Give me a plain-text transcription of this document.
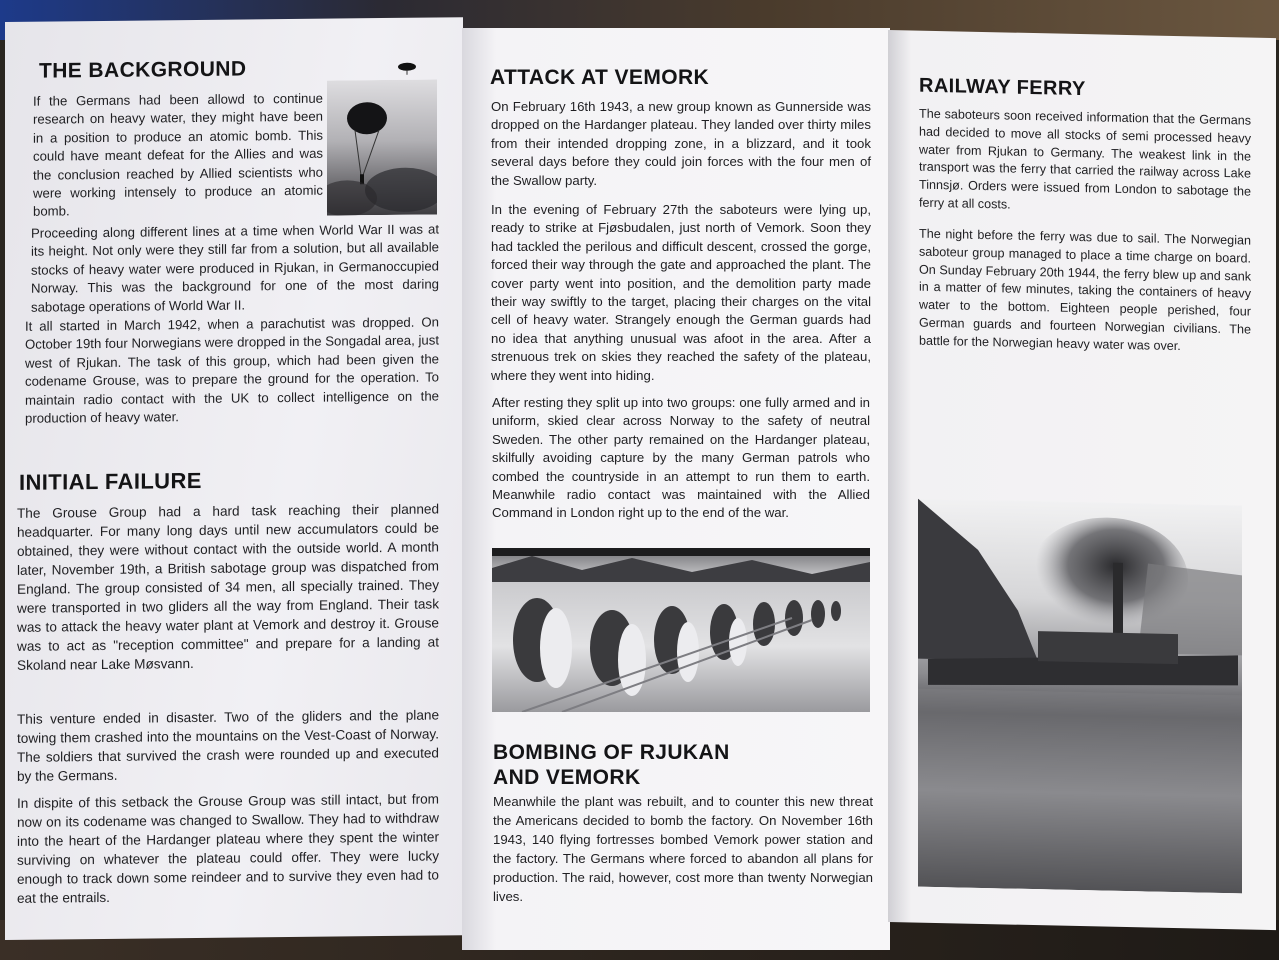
THE BACKGROUND

If the Germans had been allowd to continue research on heavy water, they might have been in a position to produce an atomic bomb. This could have meant defeat for the Allies and was the conclusion reached by Allied scientists who were working intensely to produce an atomic bomb.

Proceeding along different lines at a time when World War II was at its height. Not only were they still far from a solution, but all available stocks of heavy water were produced in Rjukan, in Germanoccupied Norway. This was the background for one of the most daring sabotage operations of World War II.

It all started in March 1942, when a parachutist was dropped. On October 19th four Norwegians were dropped in the Songadal area, just west of Rjukan. The task of this group, which had been given the codename Grouse, was to prepare the ground for the operation. To maintain radio contact with the UK to collect intelligence on the production of heavy water.

INITIAL FAILURE

The Grouse Group had a hard task reaching their planned headquarter. For many long days until new accumulators could be obtained, they were without contact with the outside world. A month later, November 19th, a British sabotage group was dispatched from England. The group consisted of 34 men, all specially trained. They were transported in two gliders all the way from England. Their task was to attack the heavy water plant at Vemork and destroy it. Grouse was to act as "reception committee" and prepare for a landing at Skoland near Lake Møsvann.

This venture ended in disaster. Two of the gliders and the plane towing them crashed into the mountains on the Vest-Coast of Norway. The soldiers that survived the crash were rounded up and executed by the Germans.

In dispite of this setback the Grouse Group was still intact, but from now on its codename was changed to Swallow. They had to withdraw into the heart of the Hardanger plateau where they spent the winter surviving on whatever the plateau could offer. They were lucky enough to track down some reindeer and to survive they even had to eat the entrails.

ATTACK AT VEMORK

On February 16th 1943, a new group known as Gunnerside was dropped on the Hardanger plateau. They landed over thirty miles from their intended dropping zone, in a blizzard, and it took several days before they could join forces with the four men of the Swallow party.

In the evening of February 27th the saboteurs were lying up, ready to strike at Fjøsbudalen, just north of Vemork. Soon they had tackled the perilous and difficult descent, crossed the gorge, forced their way through the gate and approached the plant. The cover party went into position, and the demolition party made their way swiftly to the target, placing their charges on the vital cell of heavy water. Strangely enough the German guards had no idea that anything unusual was afoot in the area. After a strenuous trek on skies they reached the safety of the plateau, where they went into hiding.

After resting they split up into two groups: one fully armed and in uniform, skied clear across Norway to the safety of neutral Sweden. The other party remained on the Hardanger plateau, skilfully avoiding capture by the many German patrols who combed the countryside in an attempt to run them to earth. Meanwhile radio contact was maintained with the Allied Command in London right up to the end of the war.

BOMBING OF RJUKAN
AND VEMORK

Meanwhile the plant was rebuilt, and to counter this new threat the Americans decided to bomb the factory. On November 16th 1943, 140 flying fortresses bombed Vemork power station and the factory. The Germans where forced to abandon all plans for production. The raid, however, cost more than twenty Norwegian lives.

RAILWAY FERRY

The saboteurs soon received information that the Germans had decided to move all stocks of semi processed heavy water from Rjukan to Germany. The weakest link in the transport was the ferry that carried the railway across Lake Tinnsjø. Orders were issued from London to sabotage the ferry at all costs.

The night before the ferry was due to sail. The Norwegian saboteur group managed to place a time charge on board. On Sunday February 20th 1944, the ferry blew up and sank in a matter of few minutes, taking the containers of heavy water to the bottom. Eighteen people perished, four German guards and fourteen Norwegian civilians. The battle for the Norwegian heavy water was over.
